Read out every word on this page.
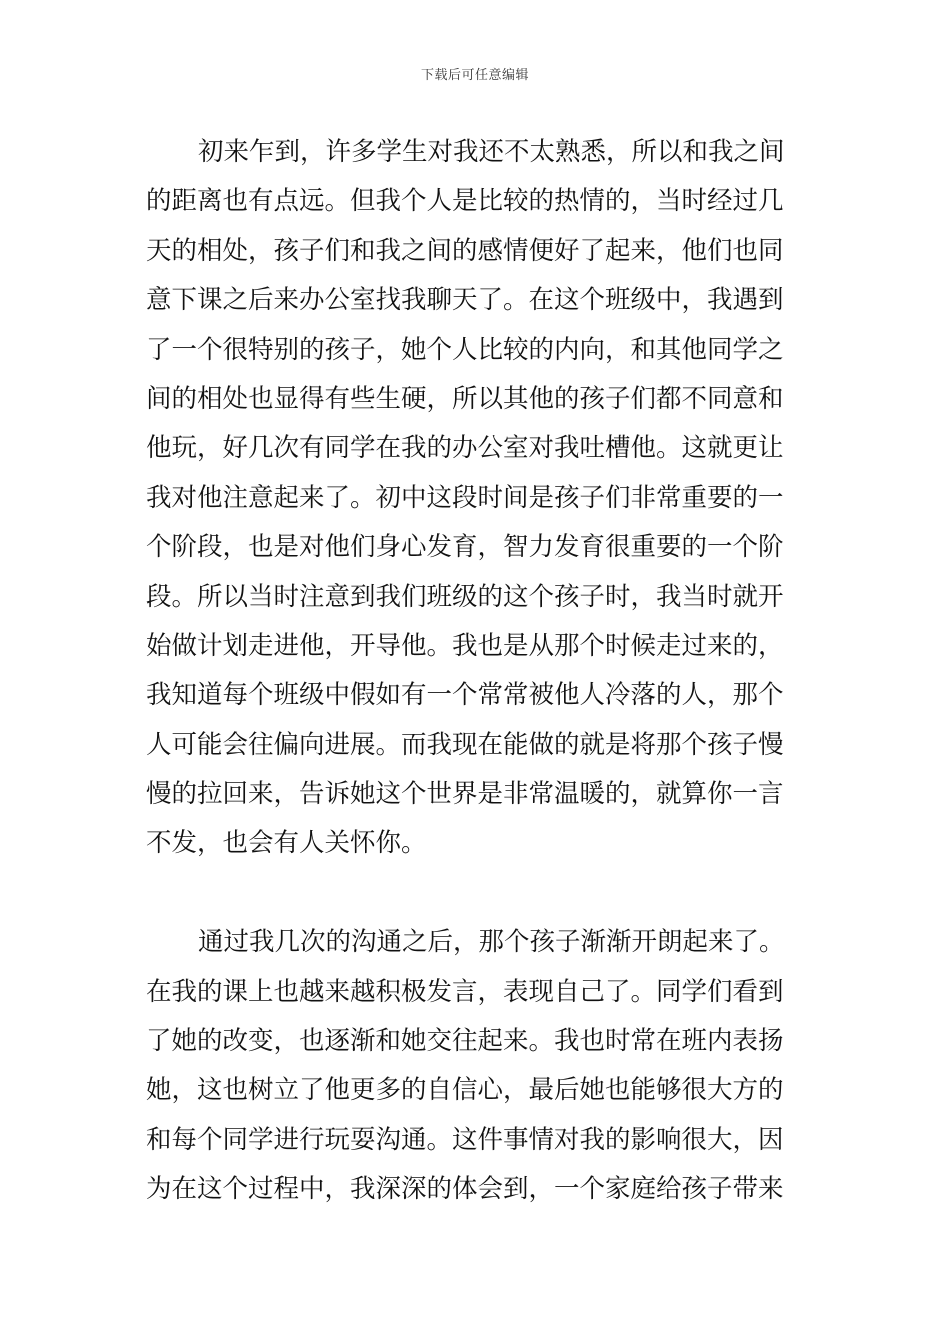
下载后可任意编辑
初来乍到，许多学生对我还不太熟悉，所以和我之间
的距离也有点远。但我个人是比较的热情的，当时经过几
天的相处，孩子们和我之间的感情便好了起来，他们也同
意下课之后来办公室找我聊天了。在这个班级中，我遇到
了一个很特别的孩子，她个人比较的内向，和其他同学之
间的相处也显得有些生硬，所以其他的孩子们都不同意和
他玩，好几次有同学在我的办公室对我吐槽他。这就更让
我对他注意起来了。初中这段时间是孩子们非常重要的一
个阶段，也是对他们身心发育，智力发育很重要的一个阶
段。所以当时注意到我们班级的这个孩子时，我当时就开
始做计划走进他，开导他。我也是从那个时候走过来的，
我知道每个班级中假如有一个常常被他人冷落的人，那个
人可能会往偏向进展。而我现在能做的就是将那个孩子慢
慢的拉回来，告诉她这个世界是非常温暖的，就算你一言
不发，也会有人关怀你。
通过我几次的沟通之后，那个孩子渐渐开朗起来了。
在我的课上也越来越积极发言，表现自己了。同学们看到
了她的改变，也逐渐和她交往起来。我也时常在班内表扬
她，这也树立了他更多的自信心，最后她也能够很大方的
和每个同学进行玩耍沟通。这件事情对我的影响很大，因
为在这个过程中，我深深的体会到，一个家庭给孩子带来
